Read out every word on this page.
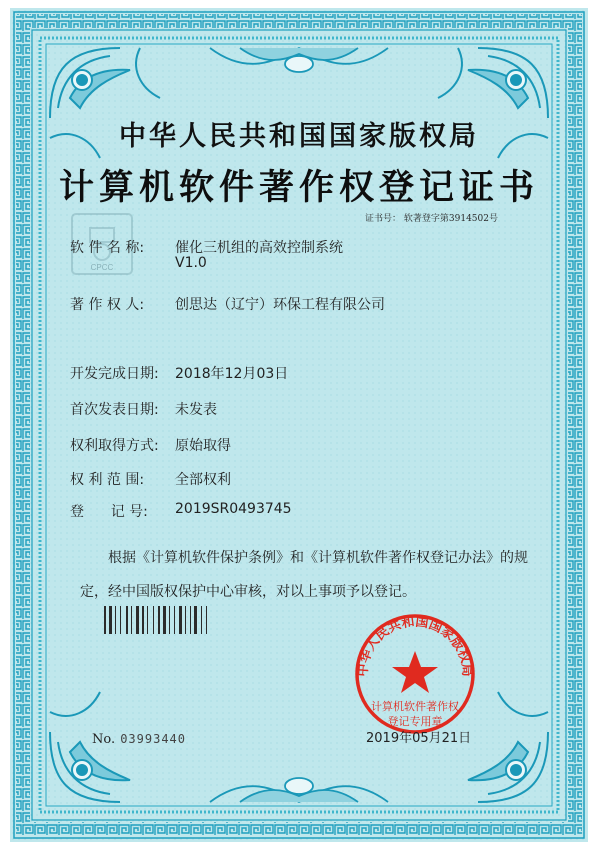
CPCC
中华人民共和国国家版权局
计算机软件著作权
登记专用章
中华人民共和国国家版权局
计算机软件著作权登记证书
证书号： 软著登字第3914502号
软 件 名 称: 催化三机组的高效控制系统
V1.0
著 作 权 人: 创思达（辽宁）环保工程有限公司
开发完成日期: 2018年12月03日
首次发表日期: 未发表
权利取得方式: 原始取得
权 利 范 围: 全部权利
登      记 号: 2019SR0493745
根据《计算机软件保护条例》和《计算机软件著作权登记办法》的规定，经中国版权保护中心审核，对以上事项予以登记。
No. 03993440	2019年05月21日
